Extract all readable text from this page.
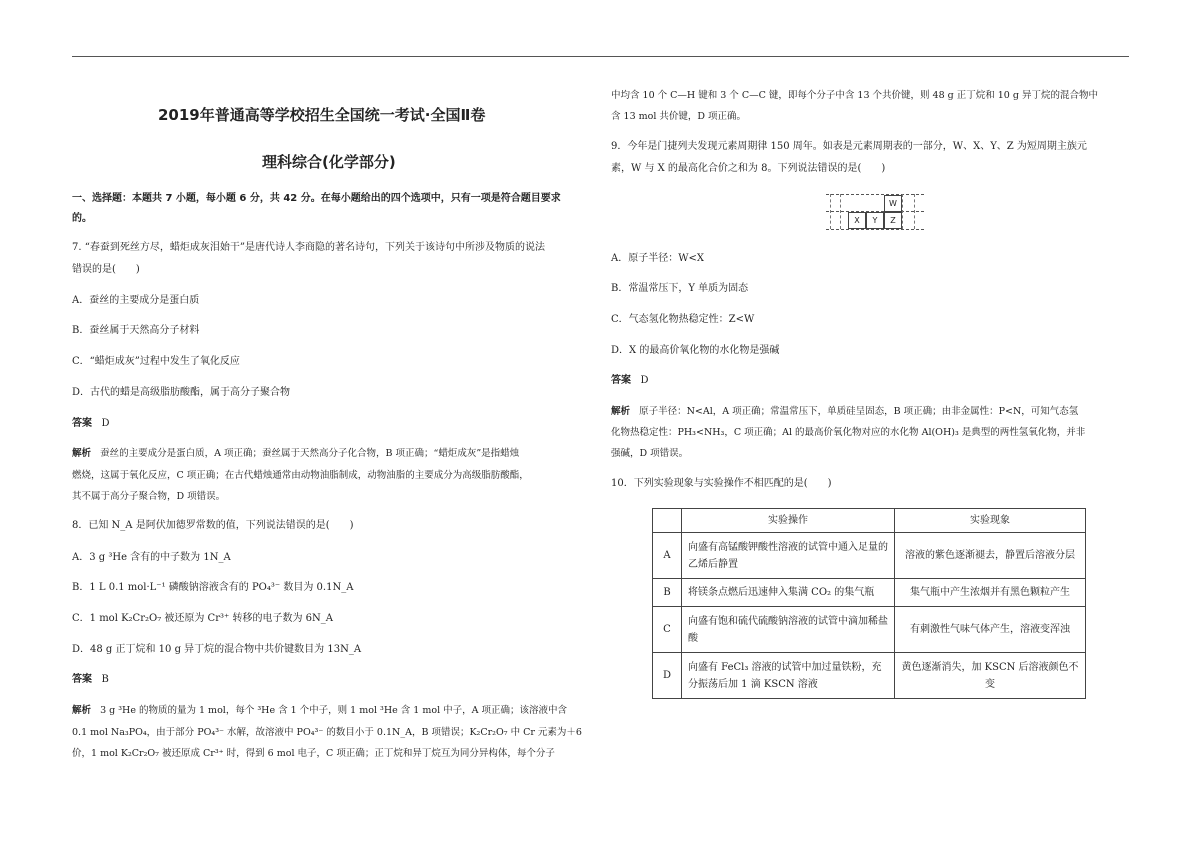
2019年普通高等学校招生全国统一考试·全国Ⅱ卷
理科综合(化学部分)
一、选择题：本题共 7 小题，每小题 6 分，共 42 分。在每小题给出的四个选项中，只有一项是符合题目要求
的。
7. “春蚕到死丝方尽，蜡炬成灰泪始干”是唐代诗人李商隐的著名诗句，下列关于该诗句中所涉及物质的说法
错误的是(　　)
A．蚕丝的主要成分是蛋白质
B．蚕丝属于天然高分子材料
C．“蜡炬成灰”过程中发生了氧化反应
D．古代的蜡是高级脂肪酸酯，属于高分子聚合物
答案 D
解析 蚕丝的主要成分是蛋白质，A 项正确；蚕丝属于天然高分子化合物，B 项正确；“蜡炬成灰”是指蜡烛
燃烧，这属于氧化反应，C 项正确；在古代蜡烛通常由动物油脂制成，动物油脂的主要成分为高级脂肪酸酯，
其不属于高分子聚合物，D 项错误。
8．已知 N_A 是阿伏加德罗常数的值，下列说法错误的是(　　)
A．3 g ³He 含有的中子数为 1N_A
B．1 L 0.1 mol·L⁻¹ 磷酸钠溶液含有的 PO₄³⁻ 数目为 0.1N_A
C．1 mol K₂Cr₂O₇ 被还原为 Cr³⁺ 转移的电子数为 6N_A
D．48 g 正丁烷和 10 g 异丁烷的混合物中共价键数目为 13N_A
答案 B
解析 3 g ³He 的物质的量为 1 mol，每个 ³He 含 1 个中子，则 1 mol ³He 含 1 mol 中子，A 项正确；该溶液中含
0.1 mol Na₃PO₄，由于部分 PO₄³⁻ 水解，故溶液中 PO₄³⁻ 的数目小于 0.1N_A，B 项错误；K₂Cr₂O₇ 中 Cr 元素为＋6
价，1 mol K₂Cr₂O₇ 被还原成 Cr³⁺ 时，得到 6 mol 电子，C 项正确；正丁烷和异丁烷互为同分异构体，每个分子
中均含 10 个 C—H 键和 3 个 C—C 键，即每个分子中含 13 个共价键，则 48 g 正丁烷和 10 g 异丁烷的混合物中
含 13 mol 共价键，D 项正确。
9．今年是门捷列夫发现元素周期律 150 周年。如表是元素周期表的一部分，W、X、Y、Z 为短周期主族元
素，W 与 X 的最高化合价之和为 8。下列说法错误的是(　　)
W
X	Y	Z
A．原子半径：W<X
B．常温常压下，Y 单质为固态
C．气态氢化物热稳定性：Z<W
D．X 的最高价氧化物的水化物是强碱
答案 D
解析 原子半径：N<Al，A 项正确；常温常压下，单质硅呈固态，B 项正确；由非金属性：P<N，可知气态氢
化物热稳定性：PH₃<NH₃，C 项正确；Al 的最高价氧化物对应的水化物 Al(OH)₃ 是典型的两性氢氧化物，并非
强碱，D 项错误。
10．下列实验现象与实验操作不相匹配的是(　　)
	实验操作	实验现象
A	向盛有高锰酸钾酸性溶液的试管中通入足量的乙烯后静置	溶液的紫色逐渐褪去，静置后溶液分层
B	将镁条点燃后迅速伸入集满 CO₂ 的集气瓶	集气瓶中产生浓烟并有黑色颗粒产生
C	向盛有饱和硫代硫酸钠溶液的试管中滴加稀盐酸	有刺激性气味气体产生，溶液变浑浊
D	向盛有 FeCl₃ 溶液的试管中加过量铁粉，充分振荡后加 1 滴 KSCN 溶液	黄色逐渐消失，加 KSCN 后溶液颜色不变
